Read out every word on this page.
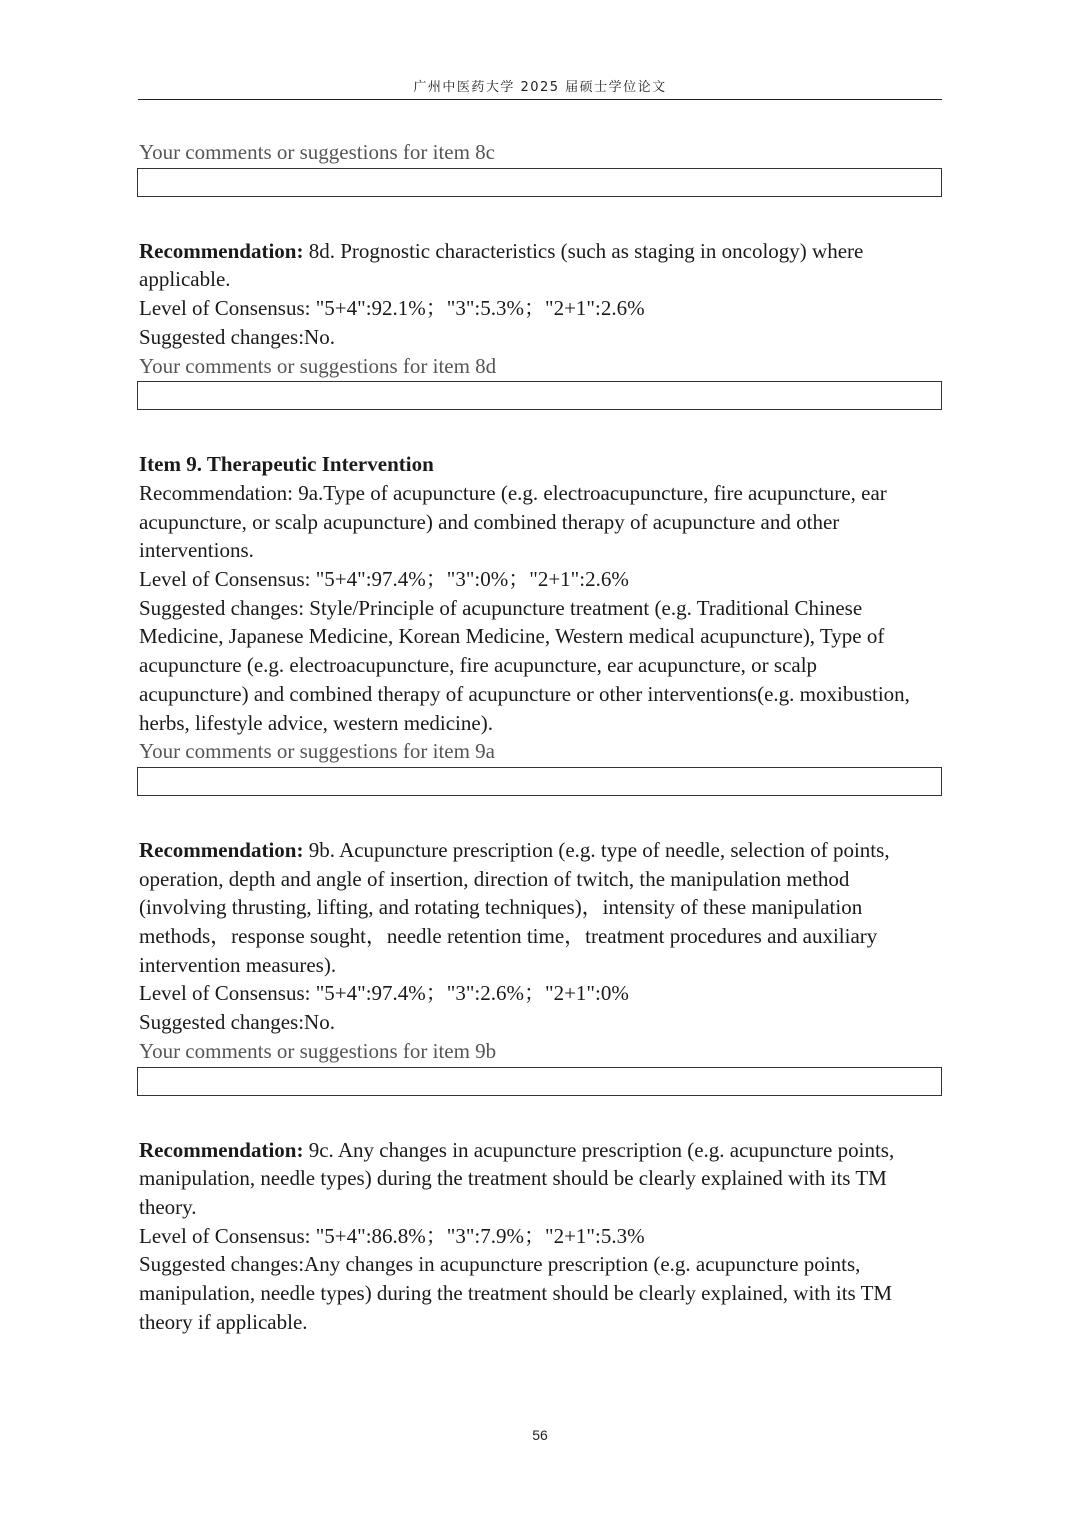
广州中医药大学 2025 届硕士学位论文

Your comments or suggestions for item 8c

Recommendation: 8d. Prognostic characteristics (such as staging in oncology) where

applicable.

Level of Consensus: "5+4":92.1%；"3":5.3%；"2+1":2.6%

Suggested changes:No.

Your comments or suggestions for item 8d

Item 9. Therapeutic Intervention

Recommendation: 9a.Type of acupuncture (e.g. electroacupuncture, fire acupuncture, ear

acupuncture, or scalp acupuncture) and combined therapy of acupuncture and other

interventions.

Level of Consensus: "5+4":97.4%；"3":0%；"2+1":2.6%

Suggested changes: Style/Principle of acupuncture treatment (e.g. Traditional Chinese

Medicine, Japanese Medicine, Korean Medicine, Western medical acupuncture), Type of

acupuncture (e.g. electroacupuncture, fire acupuncture, ear acupuncture, or scalp

acupuncture) and combined therapy of acupuncture or other interventions(e.g. moxibustion,

herbs, lifestyle advice, western medicine).

Your comments or suggestions for item 9a

Recommendation: 9b. Acupuncture prescription (e.g. type of needle, selection of points,

operation, depth and angle of insertion, direction of twitch, the manipulation method

(involving thrusting, lifting, and rotating techniques)，intensity of these manipulation

methods，response sought，needle retention time，treatment procedures and auxiliary

intervention measures).

Level of Consensus: "5+4":97.4%；"3":2.6%；"2+1":0%

Suggested changes:No.

Your comments or suggestions for item 9b

Recommendation: 9c. Any changes in acupuncture prescription (e.g. acupuncture points,

manipulation, needle types) during the treatment should be clearly explained with its TM

theory.

Level of Consensus: "5+4":86.8%；"3":7.9%；"2+1":5.3%

Suggested changes:Any changes in acupuncture prescription (e.g. acupuncture points,

manipulation, needle types) during the treatment should be clearly explained, with its TM

theory if applicable.

56
